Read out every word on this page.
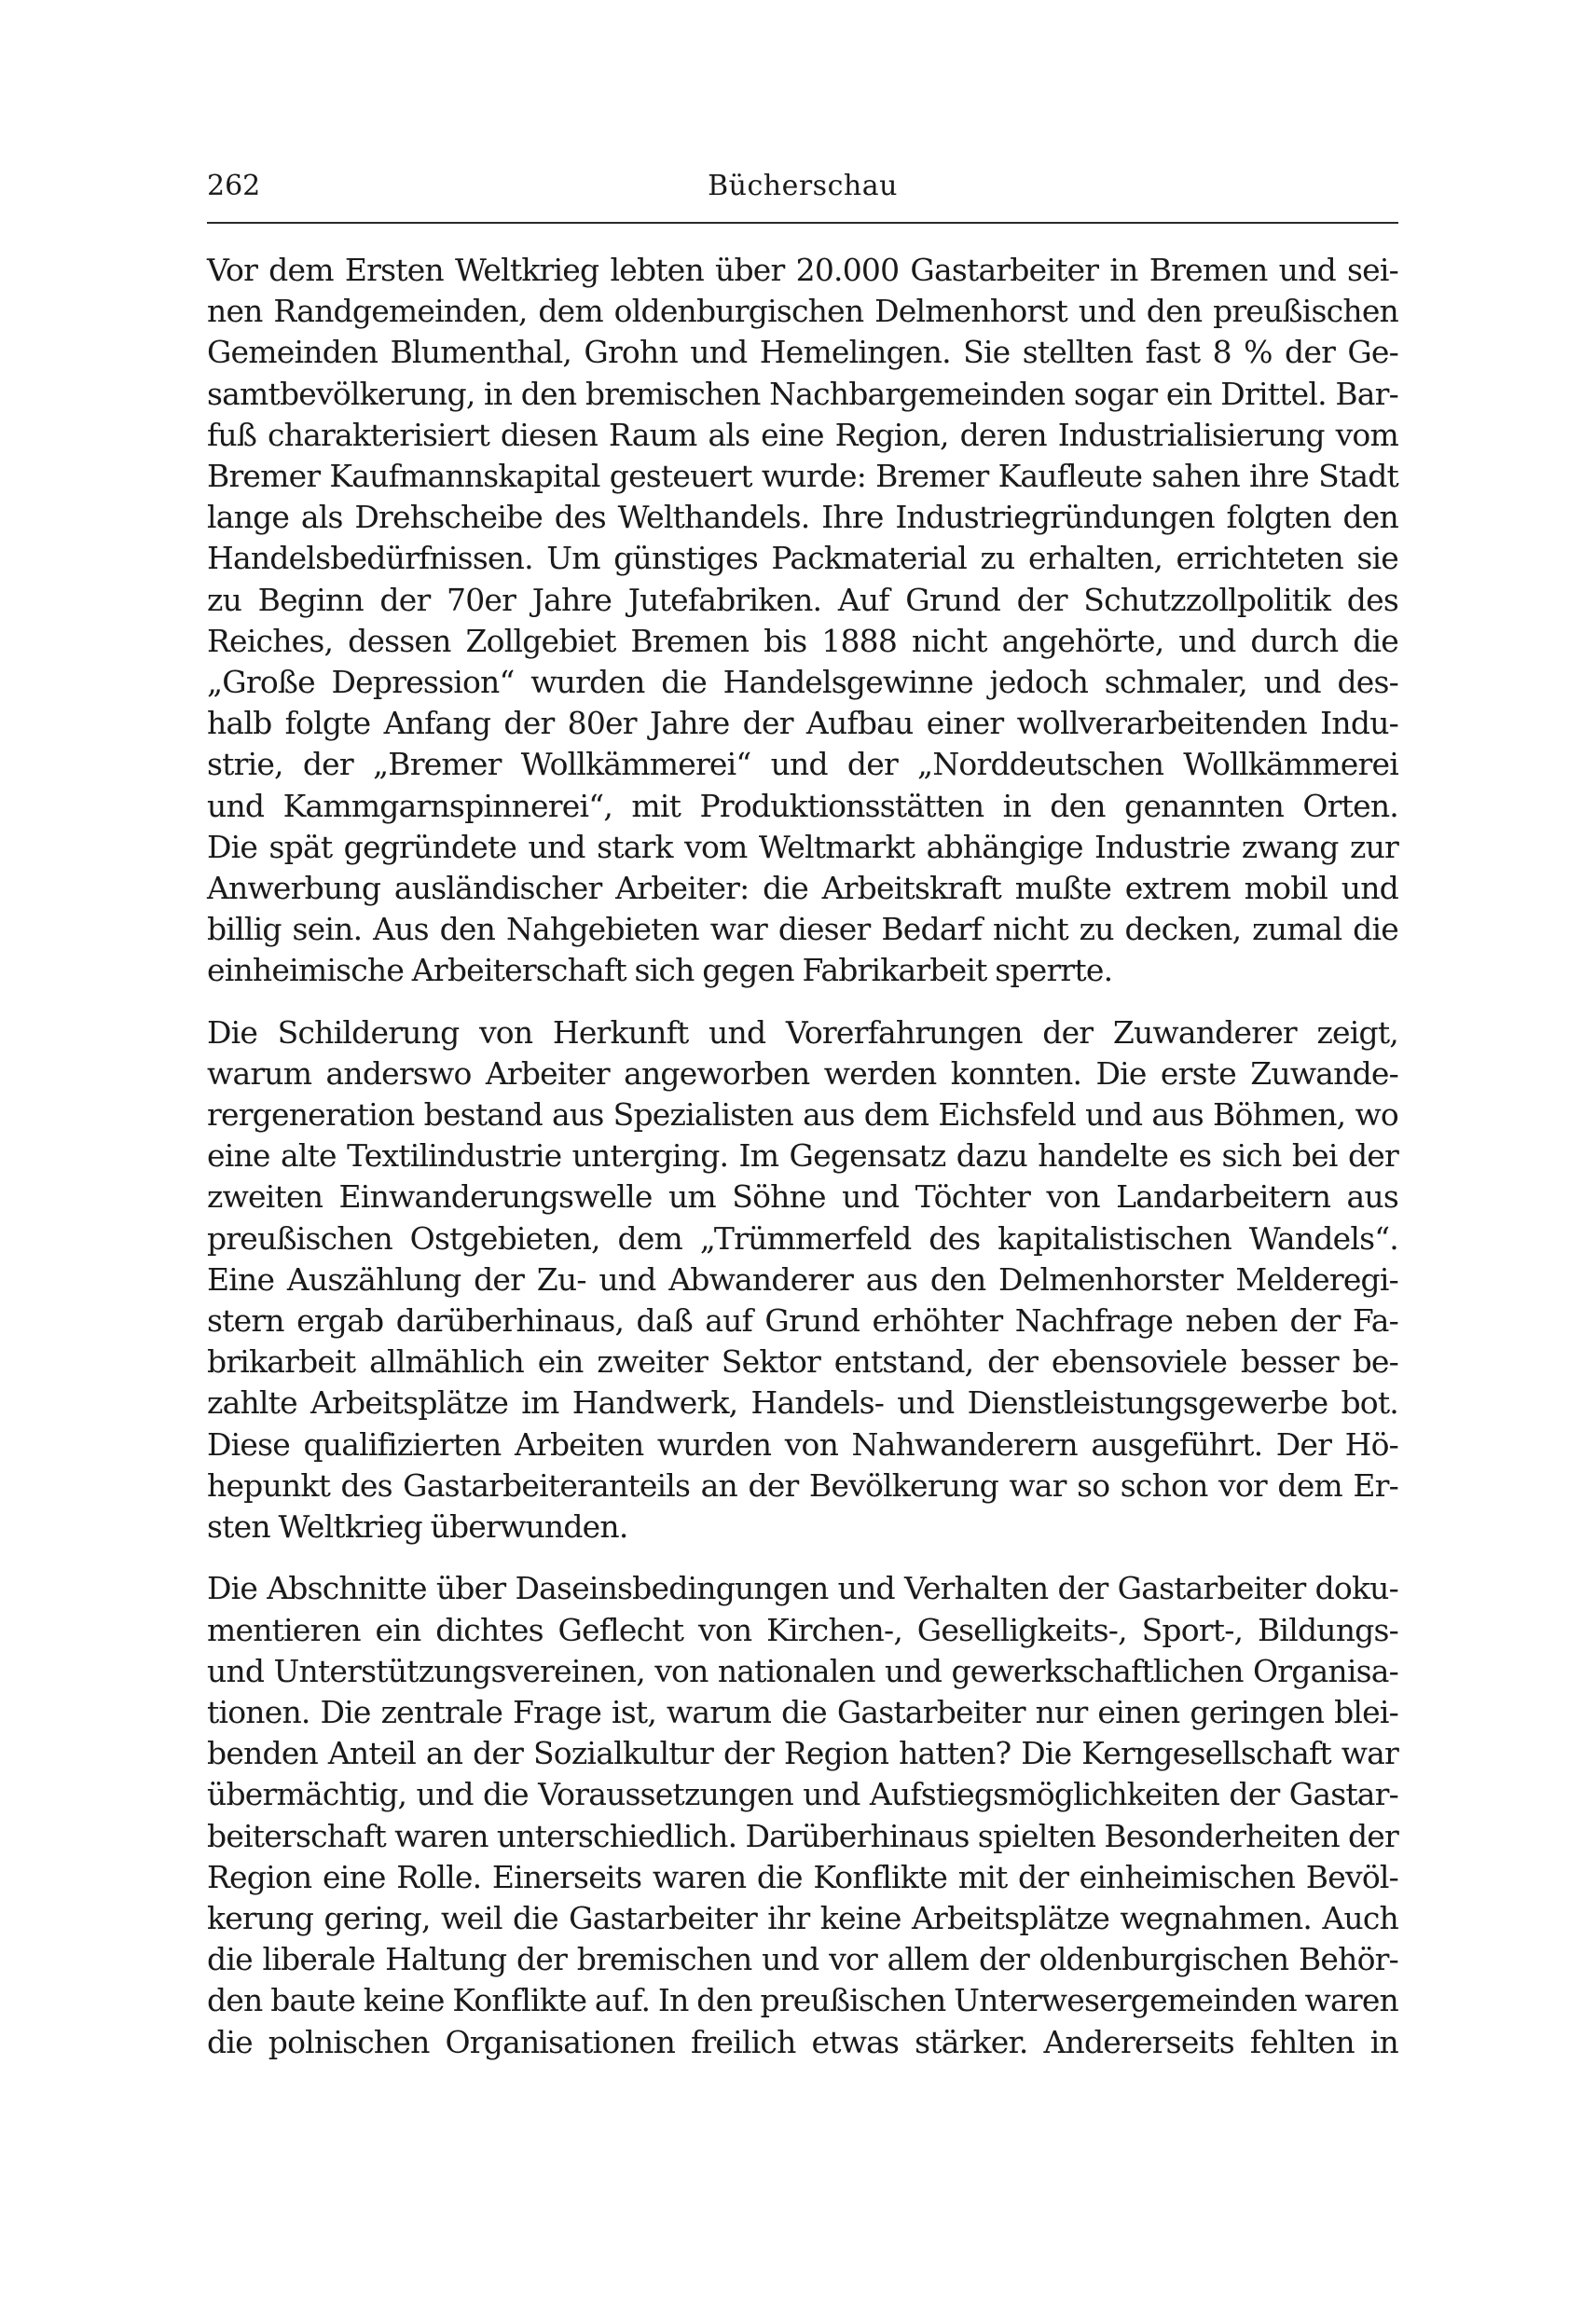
262	Bücherschau

Vor dem Ersten Weltkrieg lebten über 20.000 Gastarbeiter in Bremen und sei-
nen Randgemeinden, dem oldenburgischen Delmenhorst und den preußischen
Gemeinden Blumenthal, Grohn und Hemelingen. Sie stellten fast 8 % der Ge-
samtbevölkerung, in den bremischen Nachbargemeinden sogar ein Drittel. Bar-
fuß charakterisiert diesen Raum als eine Region, deren Industrialisierung vom
Bremer Kaufmannskapital gesteuert wurde: Bremer Kaufleute sahen ihre Stadt
lange als Drehscheibe des Welthandels. Ihre Industriegründungen folgten den
Handelsbedürfnissen. Um günstiges Packmaterial zu erhalten, errichteten sie
zu Beginn der 70er Jahre Jutefabriken. Auf Grund der Schutzzollpolitik des
Reiches, dessen Zollgebiet Bremen bis 1888 nicht angehörte, und durch die
„Große Depression“ wurden die Handelsgewinne jedoch schmaler, und des-
halb folgte Anfang der 80er Jahre der Aufbau einer wollverarbeitenden Indu-
strie, der „Bremer Wollkämmerei“ und der „Norddeutschen Wollkämmerei
und Kammgarnspinnerei“, mit Produktionsstätten in den genannten Orten.
Die spät gegründete und stark vom Weltmarkt abhängige Industrie zwang zur
Anwerbung ausländischer Arbeiter: die Arbeitskraft mußte extrem mobil und
billig sein. Aus den Nahgebieten war dieser Bedarf nicht zu decken, zumal die
einheimische Arbeiterschaft sich gegen Fabrikarbeit sperrte.

Die Schilderung von Herkunft und Vorerfahrungen der Zuwanderer zeigt,
warum anderswo Arbeiter angeworben werden konnten. Die erste Zuwande-
rergeneration bestand aus Spezialisten aus dem Eichsfeld und aus Böhmen, wo
eine alte Textilindustrie unterging. Im Gegensatz dazu handelte es sich bei der
zweiten Einwanderungswelle um Söhne und Töchter von Landarbeitern aus
preußischen Ostgebieten, dem „Trümmerfeld des kapitalistischen Wandels“.
Eine Auszählung der Zu- und Abwanderer aus den Delmenhorster Melderegi-
stern ergab darüberhinaus, daß auf Grund erhöhter Nachfrage neben der Fa-
brikarbeit allmählich ein zweiter Sektor entstand, der ebensoviele besser be-
zahlte Arbeitsplätze im Handwerk, Handels- und Dienstleistungsgewerbe bot.
Diese qualifizierten Arbeiten wurden von Nahwanderern ausgeführt. Der Hö-
hepunkt des Gastarbeiteranteils an der Bevölkerung war so schon vor dem Er-
sten Weltkrieg überwunden.

Die Abschnitte über Daseinsbedingungen und Verhalten der Gastarbeiter doku-
mentieren ein dichtes Geflecht von Kirchen-, Geselligkeits-, Sport-, Bildungs-
und Unterstützungsvereinen, von nationalen und gewerkschaftlichen Organisa-
tionen. Die zentrale Frage ist, warum die Gastarbeiter nur einen geringen blei-
benden Anteil an der Sozialkultur der Region hatten? Die Kerngesellschaft war
übermächtig, und die Voraussetzungen und Aufstiegsmöglichkeiten der Gastar-
beiterschaft waren unterschiedlich. Darüberhinaus spielten Besonderheiten der
Region eine Rolle. Einerseits waren die Konflikte mit der einheimischen Bevöl-
kerung gering, weil die Gastarbeiter ihr keine Arbeitsplätze wegnahmen. Auch
die liberale Haltung der bremischen und vor allem der oldenburgischen Behör-
den baute keine Konflikte auf. In den preußischen Unterwesergemeinden waren
die polnischen Organisationen freilich etwas stärker. Andererseits fehlten in
